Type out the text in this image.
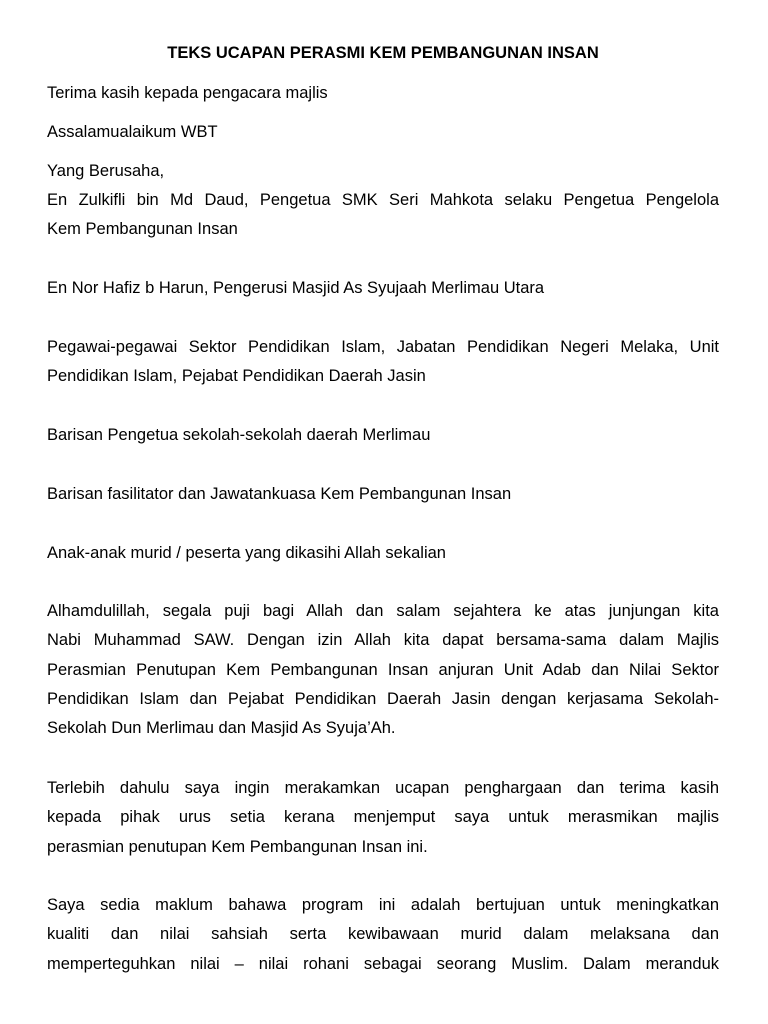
TEKS UCAPAN PERASMI KEM PEMBANGUNAN INSAN

Terima kasih kepada pengacara majlis

Assalamualaikum WBT

Yang Berusaha,

En Zulkifli bin Md Daud, Pengetua SMK Seri Mahkota selaku Pengetua Pengelola
Kem Pembangunan Insan

En Nor Hafiz b Harun, Pengerusi Masjid As Syujaah Merlimau Utara

Pegawai-pegawai Sektor Pendidikan Islam, Jabatan Pendidikan Negeri Melaka, Unit
Pendidikan Islam, Pejabat Pendidikan Daerah Jasin

Barisan Pengetua sekolah-sekolah daerah Merlimau

Barisan fasilitator dan Jawatankuasa Kem Pembangunan Insan

Anak-anak murid / peserta yang dikasihi Allah sekalian

Alhamdulillah, segala puji bagi Allah dan salam sejahtera ke atas junjungan kita
Nabi Muhammad SAW. Dengan izin Allah kita dapat bersama-sama dalam Majlis
Perasmian Penutupan Kem Pembangunan Insan anjuran Unit Adab dan Nilai Sektor
Pendidikan Islam dan Pejabat Pendidikan Daerah Jasin dengan kerjasama Sekolah-
Sekolah Dun Merlimau dan Masjid As Syuja’Ah.

Terlebih dahulu saya ingin merakamkan ucapan penghargaan dan terima kasih
kepada pihak urus setia kerana menjemput saya untuk merasmikan majlis
perasmian penutupan Kem Pembangunan Insan ini.

Saya sedia maklum bahawa program ini adalah bertujuan untuk meningkatkan
kualiti dan nilai sahsiah serta kewibawaan murid dalam melaksana dan
memperteguhkan nilai – nilai rohani sebagai seorang Muslim. Dalam meranduk
